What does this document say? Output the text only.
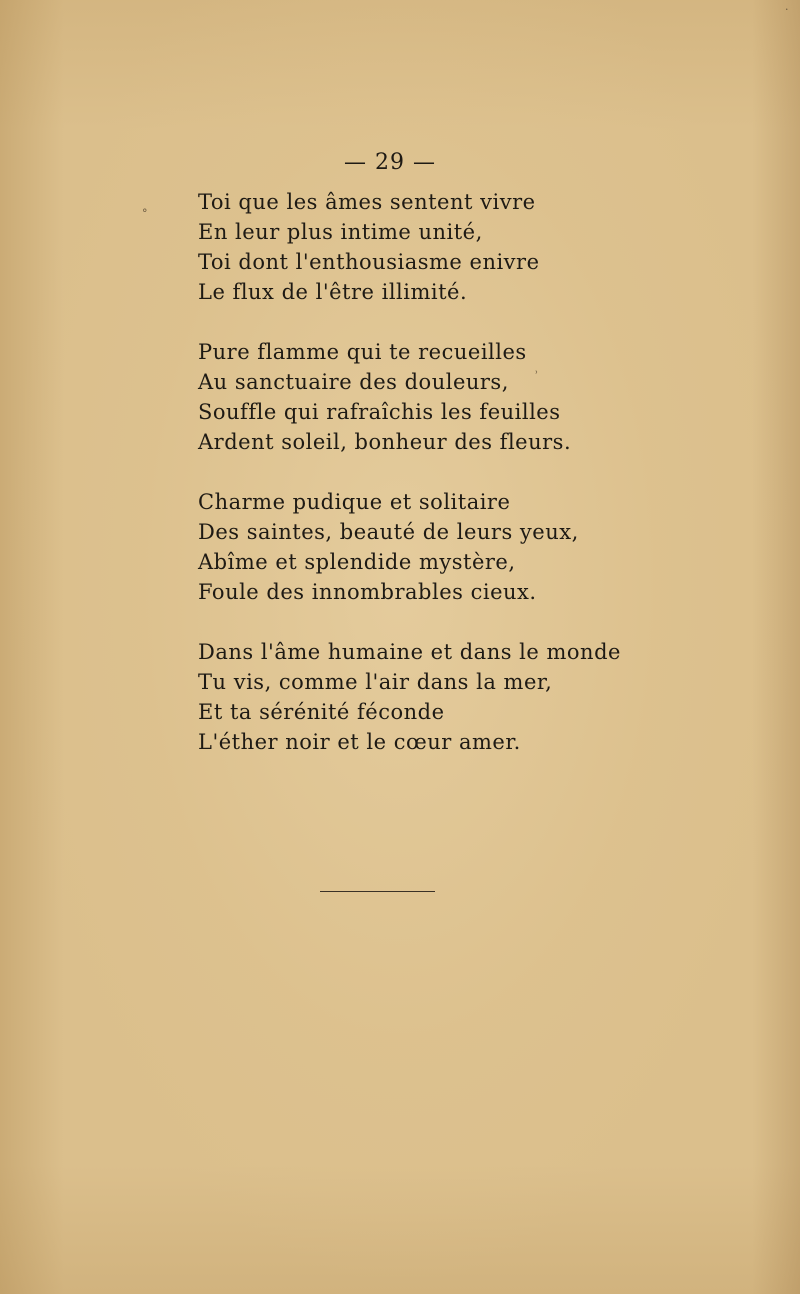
— 29 —

Toi que les âmes sentent vivre
En leur plus intime unité,
Toi dont l'enthousiasme enivre
Le flux de l'être illimité.
Pure flamme qui te recueilles
Au sanctuaire des douleurs,
Souffle qui rafraîchis les feuilles
Ardent soleil, bonheur des fleurs.
Charme pudique et solitaire
Des saintes, beauté de leurs yeux,
Abîme et splendide mystère,
Foule des innombrables cieux.
Dans l'âme humaine et dans le monde
Tu vis, comme l'air dans la mer,
Et ta sérénité féconde
L'éther noir et le cœur amer.
°
ʾ
·
